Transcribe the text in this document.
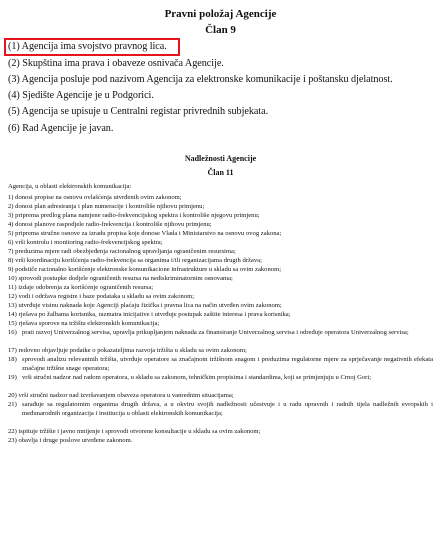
Pravni položaj Agencije
Član 9
(1) Agencija ima svojstvo pravnog lica.
(2) Skupština ima prava i obaveze osnivača Agencije.
(3) Agencija posluje pod nazivom Agencija za elektronske komunikacije i poštansku djelatnost.
(4) Sjedište Agencije je u Podgorici.
(5) Agencija se upisuje u Centralni registar privrednih subjekata.
(6) Rad Agencije je javan.
Nadležnosti Agencije
Član 11
Agencija, u oblasti elektronskih komunikacija:
1) donosi propise na osnovu ovlašćenja utvrđenih ovim zakonom;
2) donosi plan adresiranja i plan numeracije i kontroliše njihovu primjenu;
3) priprema predlog plana namjene radio-frekvencijskog spektra i kontroliše njegovu primjenu;
4) donosi planove raspodjele radio-frekvencija i kontroliše njihovu primjenu;
5) priprema stručne osnove za izradu propisa koje donose Vlada i Ministarstvo na osnovu ovog zakona;
6) vrši kontrolu i monitoring radio-frekvencijskog spektra;
7) preduzima mjere radi obezbjeđenja racionalnog upravljanja ograničenim resursima;
8) vrši koordinaciju korišćenja radio-frekvencija sa organima i/ili organizacijama drugih država;
9) podstiče racionalno korišćenje elektronske komunikacione infrastrukture u skladu sa ovim zakonom;
10) sprovodi postupke dodjele ograničenih resursa na nediskriminatornim osnovama;
11) izdaje odobrenja za korišćenje ograničenih resursa;
12) vodi i održava registre i baze podataka u skladu sa ovim zakonom;
13) utvrđuje visinu naknada koje Agenciji plaćaju fizička i pravna lica na način utvrđen ovim zakonom;
14) rješava po žalbama korisnika, razmatra inicijative i utvrđuje postupak zaštite interesa i prava korisnika;
15) rješava sporove na tržištu elektronskih komunikacija;
16) prati razvoj Univerzalnog servisa, upravlja prikupljanjem naknada za finansiranje Univerzalnog servisa i određuje operatora Univerzalnog servisa;
17) redovno objavljuje podatke o pokazateljima razvoja tržišta u skladu sa ovim zakonom;
18) sprovodi analizu relevantnih tržišta, utvrđuje operatore sa značajnom tržišnom snagom i preduzima regulatorne mjere za sprječavanje negativnih efekata značajne tržišne snage operatora;
19) vrši stručni nadzor nad radom operatora, u skladu sa zakonom, tehničkim propisima i standardima, koji se primjenjuju u Crnoj Gori;
20) vrši stručni nadzor nad izvršavanjem obaveza operatora u vanrednim situacijama;
21) sarađuje sa regulatornim organima drugih država, a u okviru svojih nadležnosti učestvuje i u radu upravnih i radnih tijela nadležnih evropskih i međunarodnih organizacija i institucija u oblasti elektronskih komunikacija;
22) ispituje tržište i javno mnijenje i sprovodi otvorene konsultacije u skladu sa ovim zakonom;
23) obavlja i druge poslove utvrđene zakonom.
